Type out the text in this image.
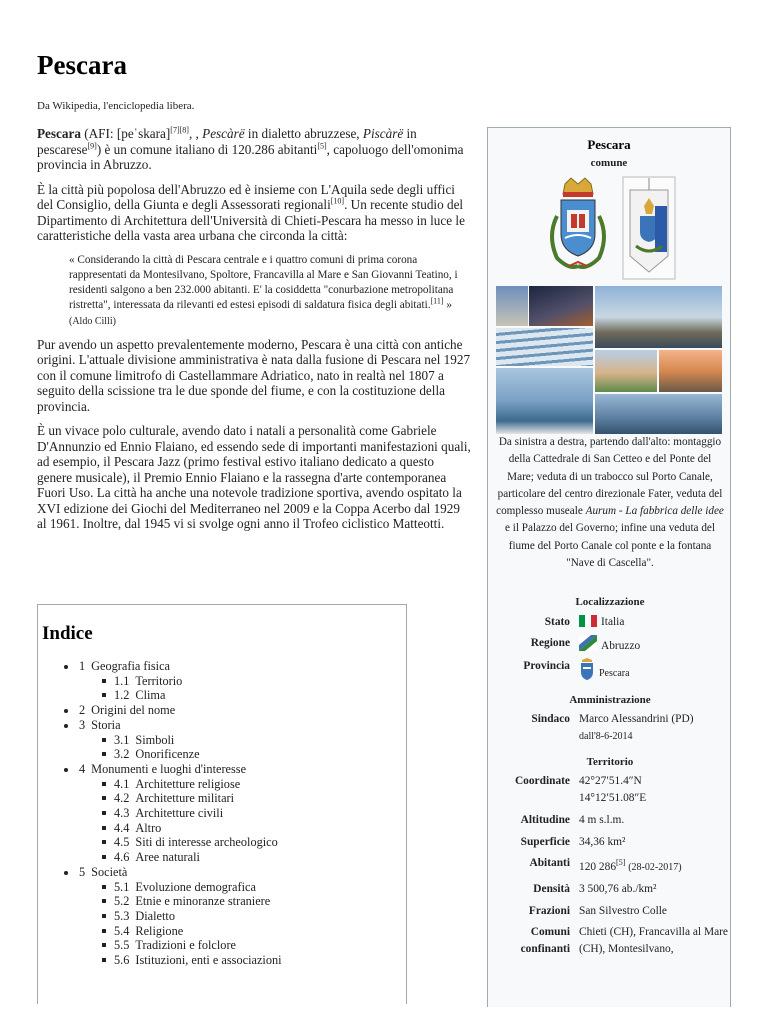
Pescara
Da Wikipedia, l'enciclopedia libera.

Pescara (AFI: [peˈskara][7][8], , Pescàrë in dialetto abruzzese, Piscàrë in pescarese[9]) è un comune italiano di 120.286 abitanti[5], capoluogo dell'omonima provincia in Abruzzo.

È la città più popolosa dell'Abruzzo ed è insieme con L'Aquila sede degli uffici del Consiglio, della Giunta e degli Assessorati regionali[10]. Un recente studio del Dipartimento di Architettura dell'Università di Chieti-Pescara ha messo in luce le caratteristiche della vasta area urbana che circonda la città:

« Considerando la città di Pescara centrale e i quattro comuni di prima corona rappresentati da Montesilvano, Spoltore, Francavilla al Mare e San Giovanni Teatino, i residenti salgono a ben 232.000 abitanti. E' la cosiddetta "conurbazione metropolitana ristretta", interessata da rilevanti ed estesi episodi di saldatura fisica degli abitati.[11] »
(Aldo Cilli)

Pur avendo un aspetto prevalentemente moderno, Pescara è una città con antiche origini. L'attuale divisione amministrativa è nata dalla fusione di Pescara nel 1927 con il comune limitrofo di Castellammare Adriatico, nato in realtà nel 1807 a seguito della scissione tra le due sponde del fiume, e con la costituzione della provincia.

È un vivace polo culturale, avendo dato i natali a personalità come Gabriele D'Annunzio ed Ennio Flaiano, ed essendo sede di importanti manifestazioni quali, ad esempio, il Pescara Jazz (primo festival estivo italiano dedicato a questo genere musicale), il Premio Ennio Flaiano e la rassegna d'arte contemporanea Fuori Uso. La città ha anche una notevole tradizione sportiva, avendo ospitato la XVI edizione dei Giochi del Mediterraneo nel 2009 e la Coppa Acerbo dal 1929 al 1961. Inoltre, dal 1945 vi si svolge ogni anno il Trofeo ciclistico Matteotti.

Indice
1 Geografia fisica
1.1 Territorio
1.2 Clima
2 Origini del nome
3 Storia
3.1 Simboli
3.2 Onorificenze
4 Monumenti e luoghi d'interesse
4.1 Architetture religiose
4.2 Architetture militari
4.3 Architetture civili
4.4 Altro
4.5 Siti di interesse archeologico
4.6 Aree naturali
5 Società
5.1 Evoluzione demografica
5.2 Etnie e minoranze straniere
5.3 Dialetto
5.4 Religione
5.5 Tradizioni e folclore
5.6 Istituzioni, enti e associazioni
Pescara
comune
Da sinistra a destra, partendo dall'alto: montaggio della Cattedrale di San Cetteo e del Ponte del Mare; veduta di un trabocco sul Porto Canale, particolare del centro direzionale Fater, veduta del complesso museale Aurum - La fabbrica delle idee e il Palazzo del Governo; infine una veduta del fiume del Porto Canale col ponte e la fontana "Nave di Cascella".
Localizzazione
Stato	Italia
Regione	Abruzzo
Provincia
Pescara
Amministrazione
Sindaco Marco Alessandrini (PD)
dall'8-6-2014
Territorio
Coordinate 42°27′51.4″N
14°12′51.08″E
Altitudine 4 m s.l.m.
Superficie 34,36 km²
Abitanti 120 286[5] (28-02-2017)
Densità 3 500,76 ab./km²
Frazioni San Silvestro Colle
Comuni
confinanti
Chieti (CH), Francavilla al Mare (CH), Montesilvano,
